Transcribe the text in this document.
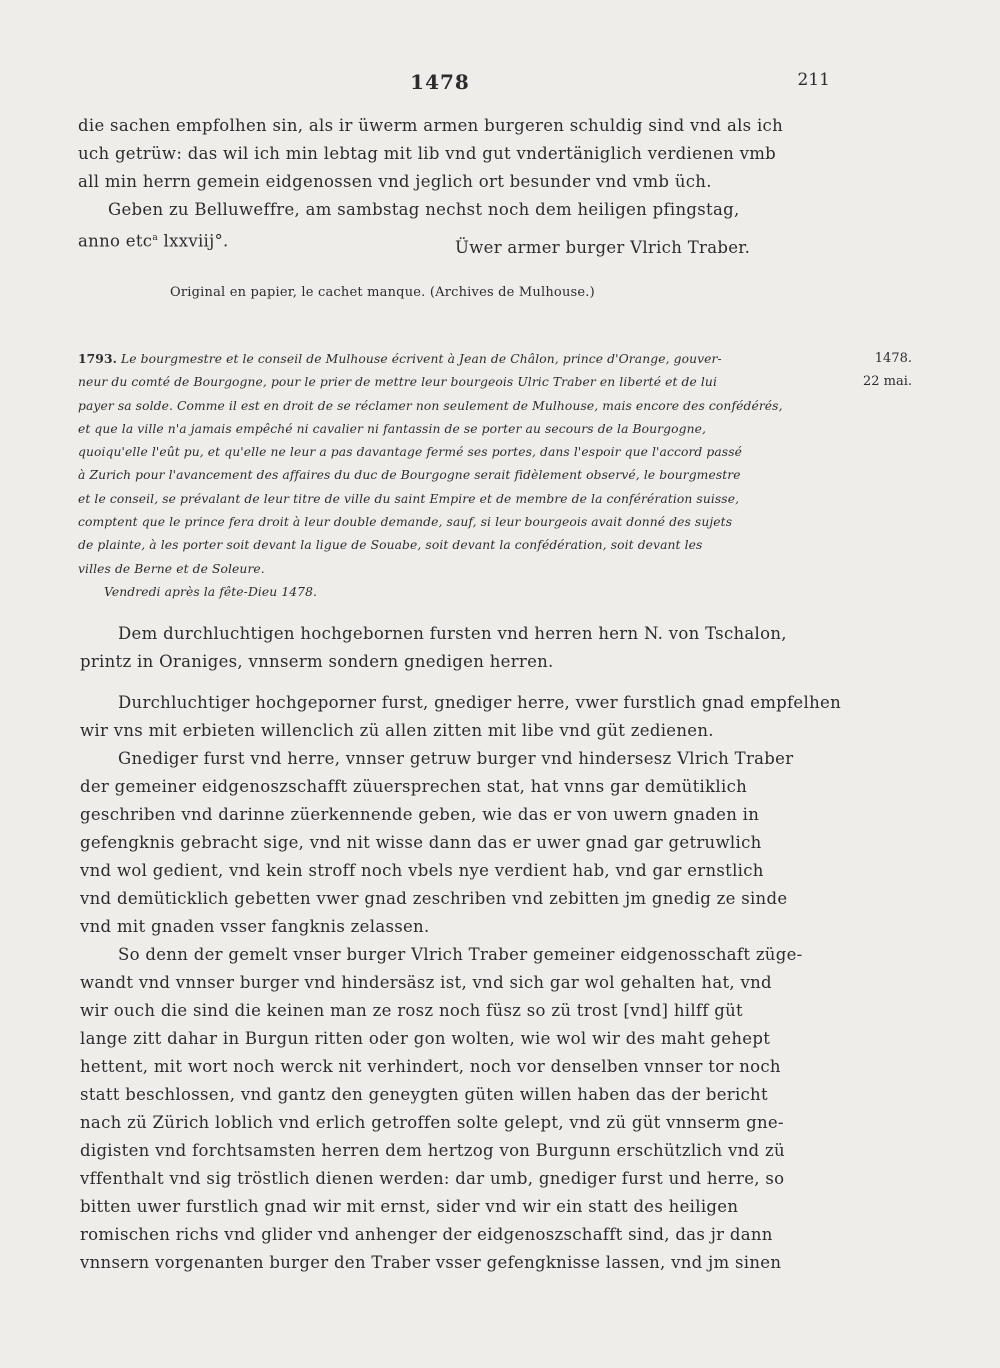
1478	211
die sachen empfolhen sin, als ir üwerm armen burgeren schuldig sind vnd als ich
uch getrüw: das wil ich min lebtag mit lib vnd gut vndertäniglich verdienen vmb
all min herrn gemein eidgenossen vnd jeglich ort besunder vnd vmb üch.
Geben zu Belluweffre, am sambstag nechst noch dem heiligen pfingstag,
anno etc$^a$ lxxviij°.	Üwer armer burger Vlrich Traber.
Original en papier, le cachet manque. (Archives de Mulhouse.)
1793. Le bourgmestre et le conseil de Mulhouse écrivent à Jean de Châlon, prince d'Orange, gouver-
neur du comté de Bourgogne, pour le prier de mettre leur bourgeois Ulric Traber en liberté et de lui
payer sa solde. Comme il est en droit de se réclamer non seulement de Mulhouse, mais encore des confédérés,
et que la ville n'a jamais empêché ni cavalier ni fantassin de se porter au secours de la Bourgogne,
quoiqu'elle l'eût pu, et qu'elle ne leur a pas davantage fermé ses portes, dans l'espoir que l'accord passé
à Zurich pour l'avancement des affaires du duc de Bourgogne serait fidèlement observé, le bourgmestre
et le conseil, se prévalant de leur titre de ville du saint Empire et de membre de la conférération suisse,
comptent que le prince fera droit à leur double demande, sauf, si leur bourgeois avait donné des sujets
de plainte, à les porter soit devant la ligue de Souabe, soit devant la confédération, soit devant les
villes de Berne et de Soleure.
Vendredi après la fête-Dieu 1478.
1478.
22 mai.
Dem durchluchtigen hochgebornen fursten vnd herren hern N. von Tschalon,
printz in Oraniges, vnnserm sondern gnedigen herren.
Durchluchtiger hochgeporner furst, gnediger herre, vwer furstlich gnad empfelhen
wir vns mit erbieten willenclich zü allen zitten mit libe vnd güt zedienen.
Gnediger furst vnd herre, vnnser getruw burger vnd hindersesz Vlrich Traber
der gemeiner eidgenoszschafft züuersprechen stat, hat vnns gar demütiklich
geschriben vnd darinne züerkennende geben, wie das er von uwern gnaden in
gefengknis gebracht sige, vnd nit wisse dann das er uwer gnad gar getruwlich
vnd wol gedient, vnd kein stroff noch vbels nye verdient hab, vnd gar ernstlich
vnd demüticklich gebetten vwer gnad zeschriben vnd zebitten jm gnedig ze sinde
vnd mit gnaden vsser fangknis zelassen.
So denn der gemelt vnser burger Vlrich Traber gemeiner eidgenosschaft züge-
wandt vnd vnnser burger vnd hindersäsz ist, vnd sich gar wol gehalten hat, vnd
wir ouch die sind die keinen man ze rosz noch füsz so zü trost [vnd] hilff güt
lange zitt dahar in Burgun ritten oder gon wolten, wie wol wir des maht gehept
hettent, mit wort noch werck nit verhindert, noch vor denselben vnnser tor noch
statt beschlossen, vnd gantz den geneygten güten willen haben das der bericht
nach zü Zürich loblich vnd erlich getroffen solte gelept, vnd zü güt vnnserm gne-
digisten vnd forchtsamsten herren dem hertzog von Burgunn erschützlich vnd zü
vffenthalt vnd sig tröstlich dienen werden: dar umb, gnediger furst und herre, so
bitten uwer furstlich gnad wir mit ernst, sider vnd wir ein statt des heiligen
romischen richs vnd glider vnd anhenger der eidgenoszschafft sind, das jr dann
vnnsern vorgenanten burger den Traber vsser gefengknisse lassen, vnd jm sinen
